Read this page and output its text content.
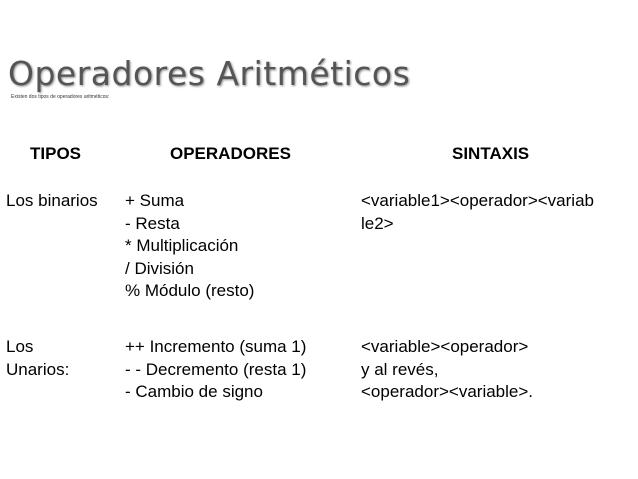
Operadores Aritméticos
Existen dos tipos de operadores aritméticos:
TIPOS	OPERADORES	SINTAXIS
Los binarios + Suma
- Resta
* Multiplicación
/ División
% Módulo (resto)
<variable1><operador><variab
le2>
Los
Unarios:
++ Incremento (suma 1)
- - Decremento (resta 1)
- Cambio de signo
<variable><operador>
y al revés,
<operador><variable>.
